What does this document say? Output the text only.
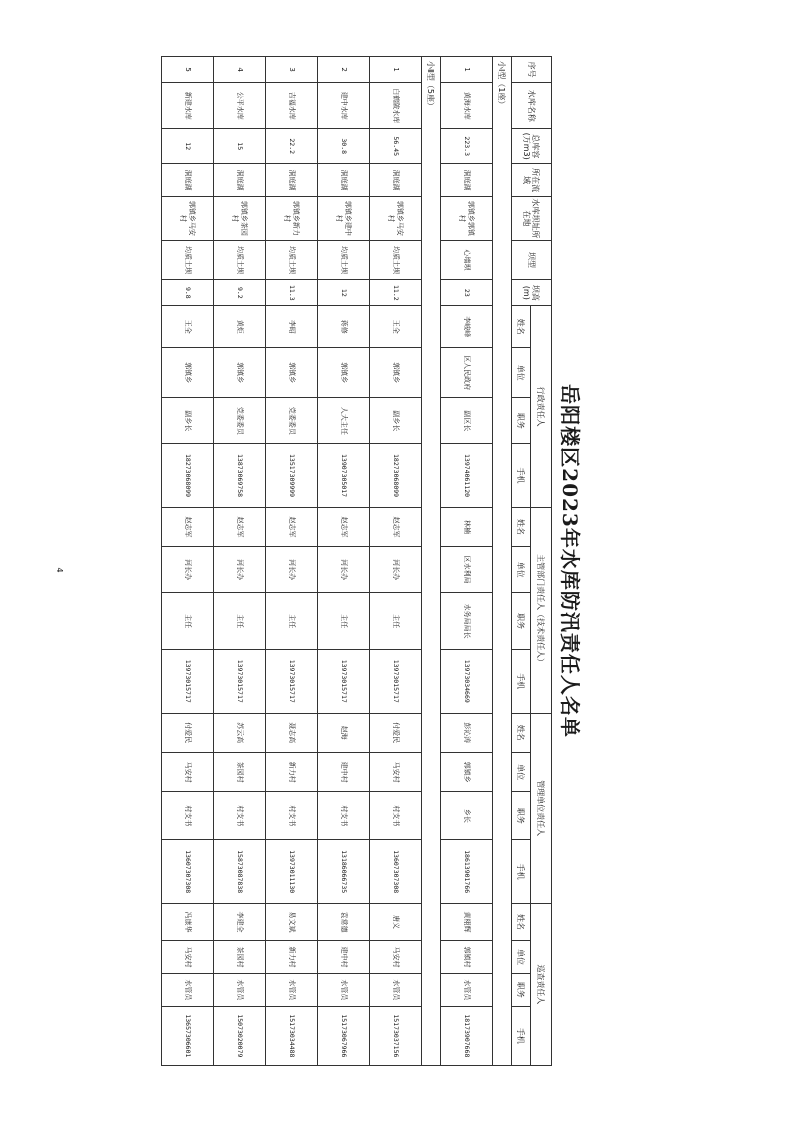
岳阳楼区2023年水库防汛责任人名单
序号	水库名称	总库容(万m3)	所在流域	水库坝址所在地	坝型	坝高(m)	行政责任人				主管部门责任人（技术责任人）				管理单位责任人				巡查责任人			
							姓名	单位	职务	手机	姓名	单位	职务	手机	姓名	单位	职务	手机	姓名	单位	职务	手机
小Ⅰ型（1座）																						
1	黄海水库	223.3	洞庭湖	郭镇乡郭镇村	心墙坝	23	李峻峰	区人民政府	副区长	13974061120	林楠	区水利局	水务局局长	13973034669	彭沁涛	郭镇乡	乡长	18613901766	黄栩辉	郭镇村	水管员	18173907668
小Ⅱ型（5座）																						
1	白鹤陂水库	56.45	洞庭湖	郭镇乡马安村	均质土坝	11.2	王全	郭镇乡	副乡长	18273068099	赵志军	河长办	主任	13973015717	付爱民	马安村	村支书	13607307308	唐义	马安村	水管员	15173037156
2	建中水库	30.8	洞庭湖	郭镇乡建中村	均质土坝	12	蒋修	郭镇乡	人大主任	13907305017	赵志军	河长办	主任	13973015717	赵海	建中村	村支书	13186066735	袁常德	建中村	水管员	15173067966
3	吉福水库	22.2	洞庭湖	郭镇乡新力村	均质土坝	11.3	李昭	郭镇乡	党委委员	13517309999	赵志军	河长办	主任	13973015717	聂志高	新力村	村支书	13973011130	易文斌	新力村	水管员	15173034488
4	公平水库	15	洞庭湖	郭镇乡茶园村	均质土坝	9.2	黄炬	郭镇乡	党委委员	13873069758	赵志军	河长办	主任	13973015717	苏云高	茶园村	村支书	15873087838	李建全	茶园村	水管员	15073020079
5	新建水库	12	洞庭湖	郭镇乡马安村	均质土坝	9.8	王全	郭镇乡	副乡长	18273068099	赵志军	河长办	主任	13973015717	付爱民	马安村	村支书	13607307308	冯康华	马安村	水管员	13657306601
4
